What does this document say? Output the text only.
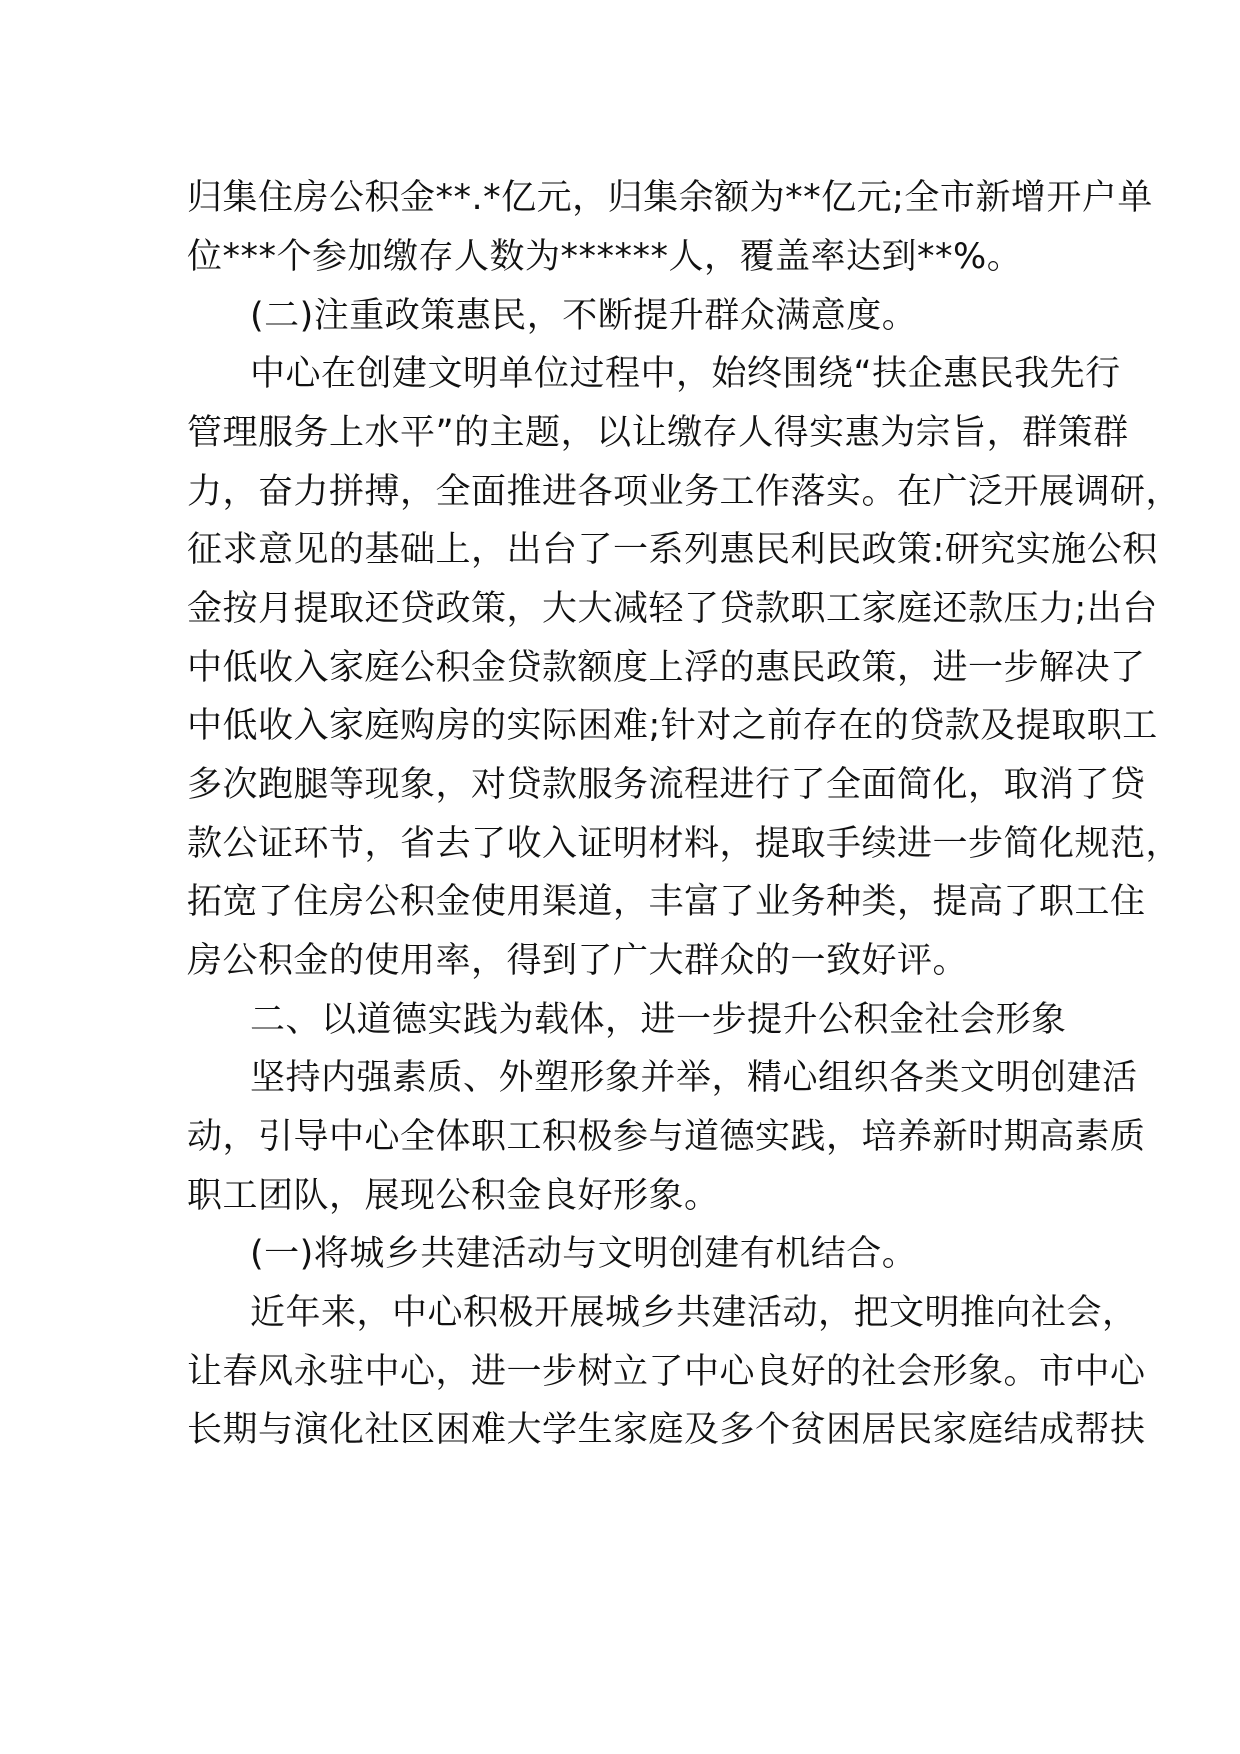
归集住房公积金**.*亿元，归集余额为**亿元;全市新增开户单
位***个参加缴存人数为******人，覆盖率达到**%。
(二)注重政策惠民，不断提升群众满意度。
中心在创建文明单位过程中，始终围绕“扶企惠民我先行
管理服务上水平”的主题，以让缴存人得实惠为宗旨，群策群
力，奋力拼搏，全面推进各项业务工作落实。在广泛开展调研，
征求意见的基础上，出台了一系列惠民利民政策:研究实施公积
金按月提取还贷政策，大大减轻了贷款职工家庭还款压力;出台
中低收入家庭公积金贷款额度上浮的惠民政策，进一步解决了
中低收入家庭购房的实际困难;针对之前存在的贷款及提取职工
多次跑腿等现象，对贷款服务流程进行了全面简化，取消了贷
款公证环节，省去了收入证明材料，提取手续进一步简化规范，
拓宽了住房公积金使用渠道，丰富了业务种类，提高了职工住
房公积金的使用率，得到了广大群众的一致好评。
二、以道德实践为载体，进一步提升公积金社会形象
坚持内强素质、外塑形象并举，精心组织各类文明创建活
动，引导中心全体职工积极参与道德实践，培养新时期高素质
职工团队，展现公积金良好形象。
(一)将城乡共建活动与文明创建有机结合。
近年来，中心积极开展城乡共建活动，把文明推向社会，
让春风永驻中心，进一步树立了中心良好的社会形象。市中心
长期与演化社区困难大学生家庭及多个贫困居民家庭结成帮扶
